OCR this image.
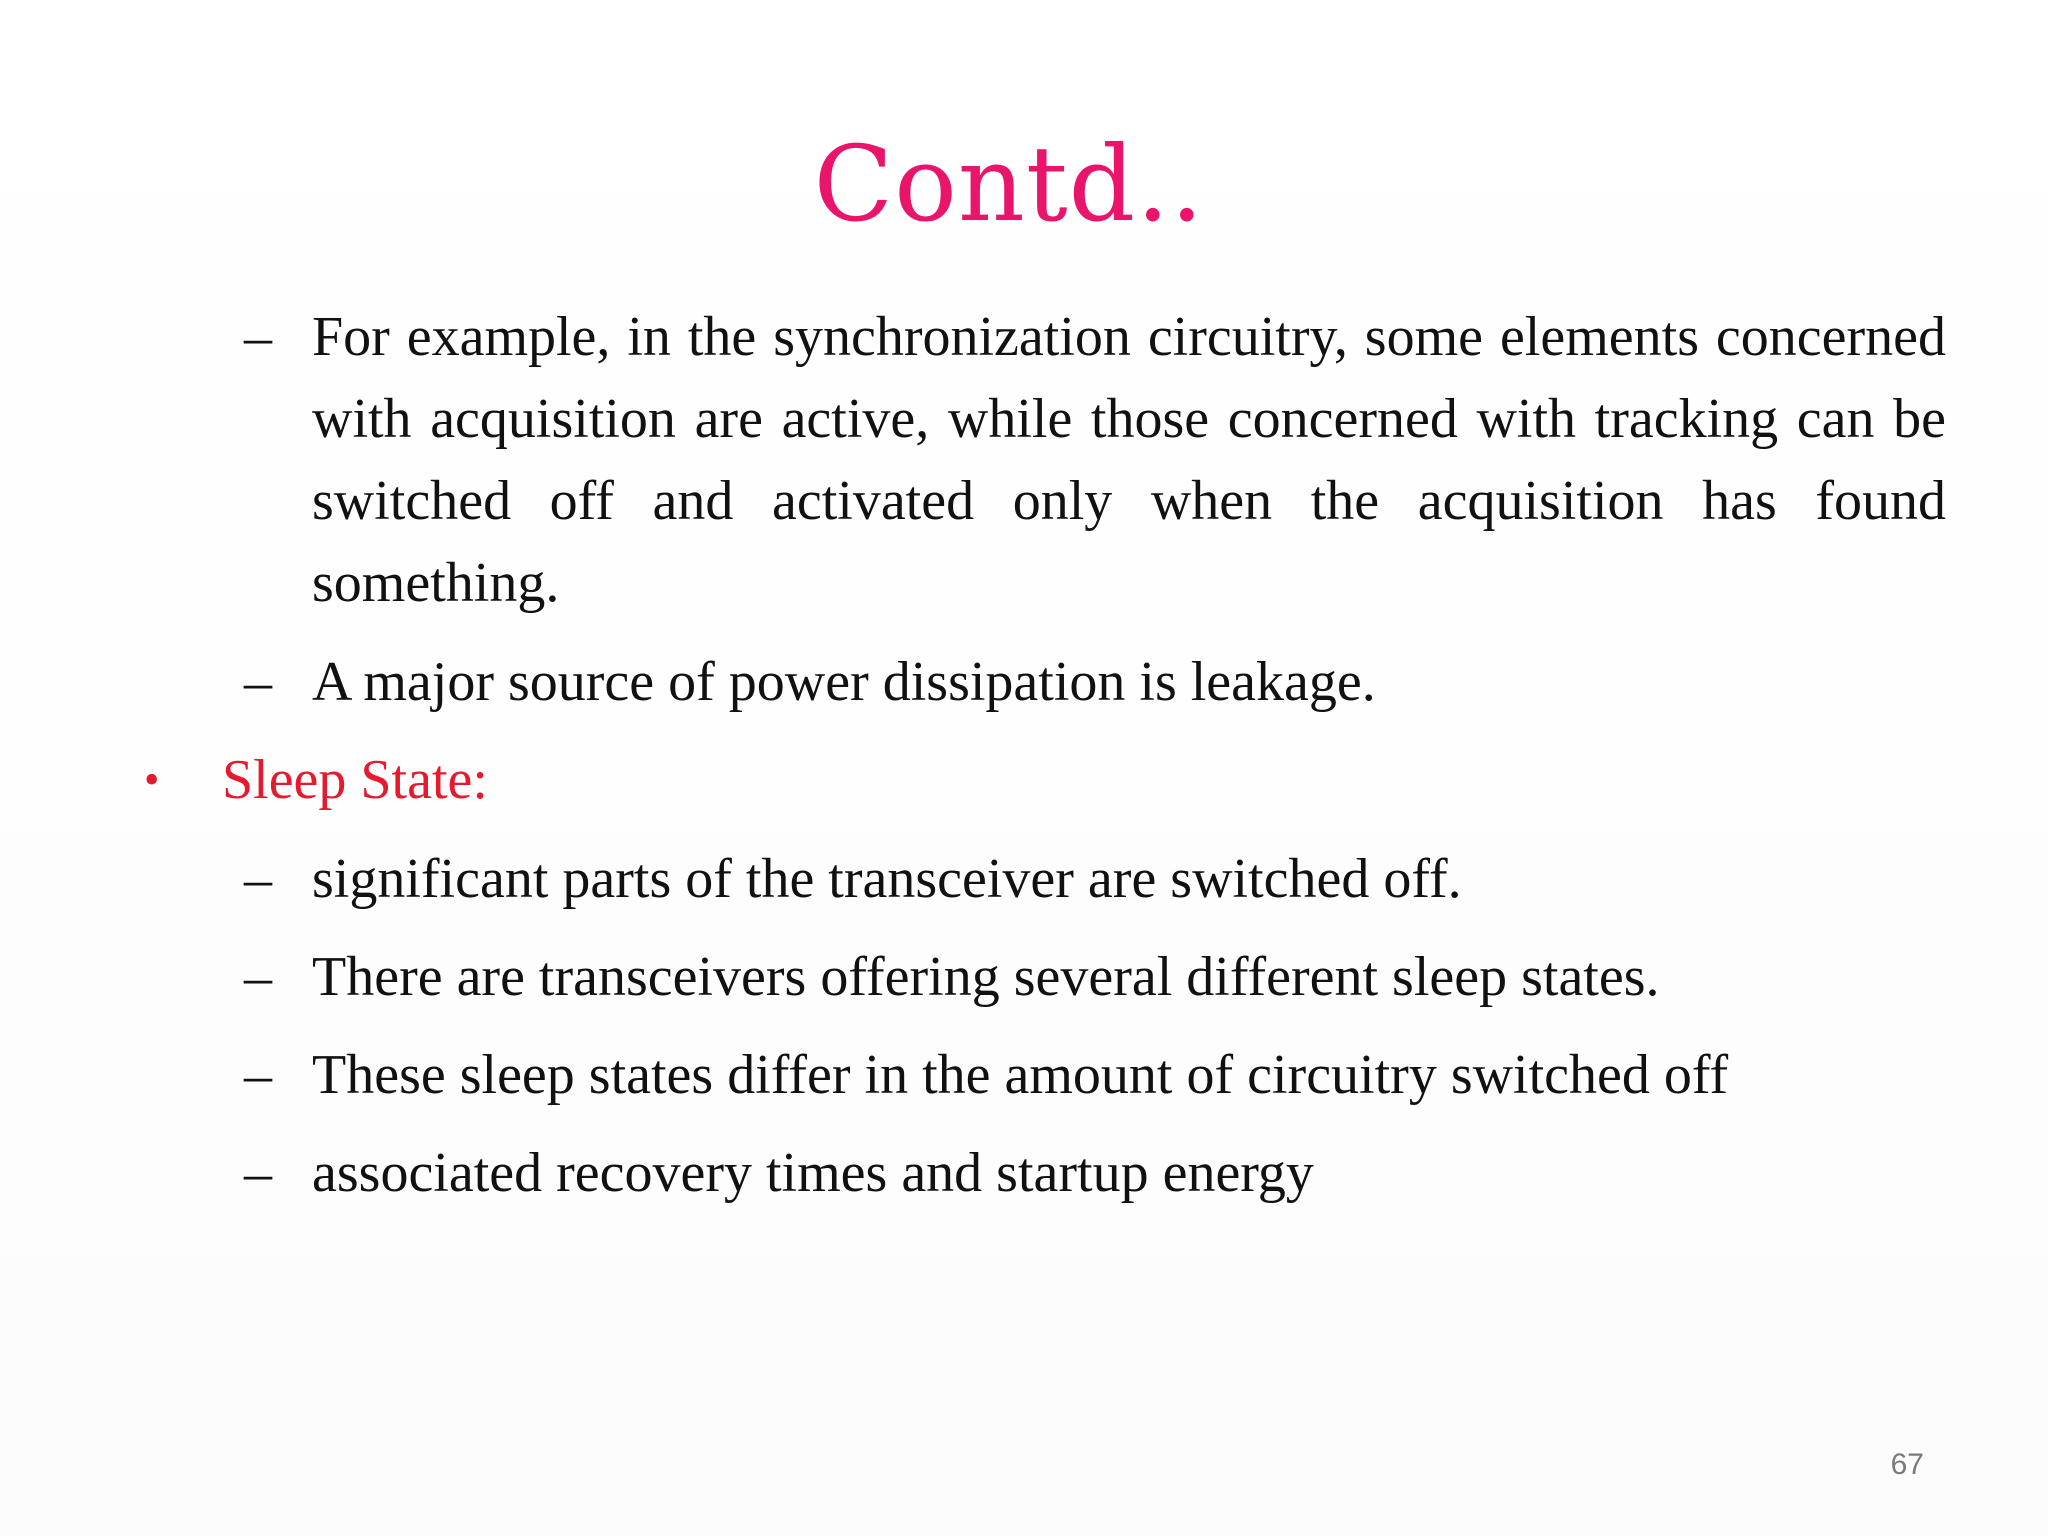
Contd..
– For example, in the synchronization circuitry, some elements concerned with acquisition are active, while those concerned with tracking can be switched off and activated only when the acquisition has found something.
– A major source of power dissipation is leakage.
• Sleep State:
– significant parts of the transceiver are switched off.
– There are transceivers offering several different sleep states.
– These sleep states differ in the amount of circuitry switched off
– associated recovery times and startup energy
67
